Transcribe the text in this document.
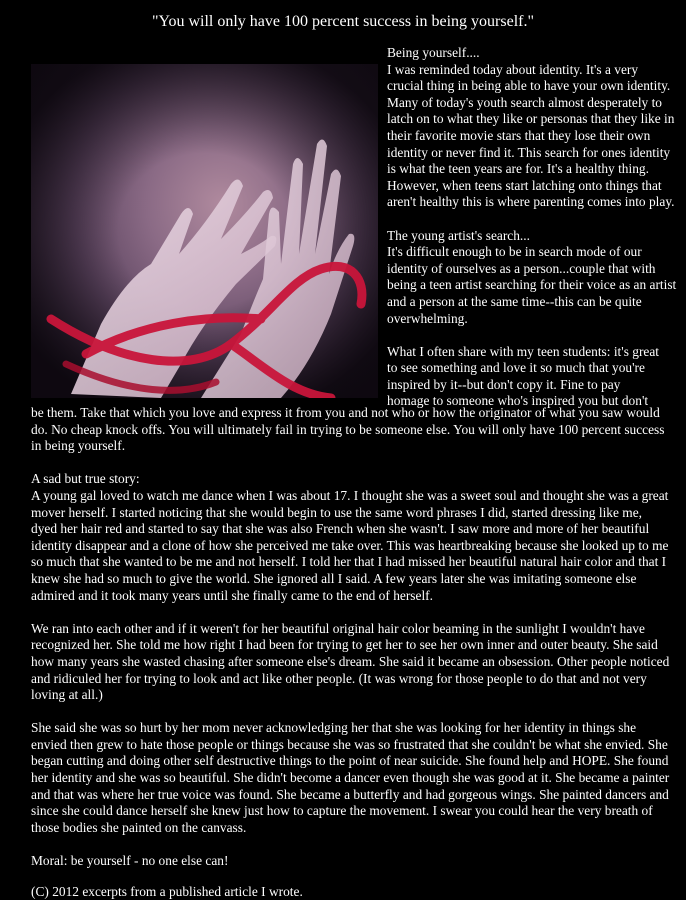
"You will only have 100 percent success in being yourself."

Being yourself....

I was reminded today about identity. It's a very crucial thing in being able to have your own identity. Many of today's youth search almost desperately to latch on to what they like or personas that they like in their favorite movie stars that they lose their own identity or never find it. This search for ones identity is what the teen years are for. It's a healthy thing. However, when teens start latching onto things that aren't healthy this is where parenting comes into play.

The young artist's search...

It's difficult enough to be in search mode of our identity of ourselves as a person...couple that with being a teen artist searching for their voice as an artist and a person at the same time--this can be quite overwhelming.

What I often share with my teen students: it's great

to see something and love it so much that you're

inspired by it--but don't copy it. Fine to pay

homage to someone who's inspired you but don't

be them. Take that which you love and express it from you and not who or how the originator of what you saw would do. No cheap knock offs. You will ultimately fail in trying to be someone else. You will only have 100 percent success in being yourself.

A sad but true story:

A young gal loved to watch me dance when I was about 17. I thought she was a sweet soul and thought she was a great mover herself. I started noticing that she would begin to use the same word phrases I did, started dressing like me, dyed her hair red and started to say that she was also French when she wasn't. I saw more and more of her beautiful identity disappear and a clone of how she perceived me take over. This was heartbreaking because she looked up to me so much that she wanted to be me and not herself. I told her that I had missed her beautiful natural hair color and that I knew she had so much to give the world. She ignored all I said. A few years later she was imitating someone else admired and it took many years until she finally came to the end of herself.

We ran into each other and if it weren't for her beautiful original hair color beaming in the sunlight I wouldn't have recognized her. She told me how right I had been for trying to get her to see her own inner and outer beauty. She said how many years she wasted chasing after someone else's dream. She said it became an obsession. Other people noticed and ridiculed her for trying to look and act like other people. (It was wrong for those people to do that and not very loving at all.)

She said she was so hurt by her mom never acknowledging her that she was looking for her identity in things she envied then grew to hate those people or things because she was so frustrated that she couldn't be what she envied. She began cutting and doing other self destructive things to the point of near suicide. She found help and HOPE. She found her identity and she was so beautiful. She didn't become a dancer even though she was good at it. She became a painter and that was where her true voice was found. She became a butterfly and had gorgeous wings. She painted dancers and since she could dance herself she knew just how to capture the movement. I swear you could hear the very breath of those bodies she painted on the canvass.

Moral: be yourself - no one else can!

(C) 2012 excerpts from a published article I wrote.
